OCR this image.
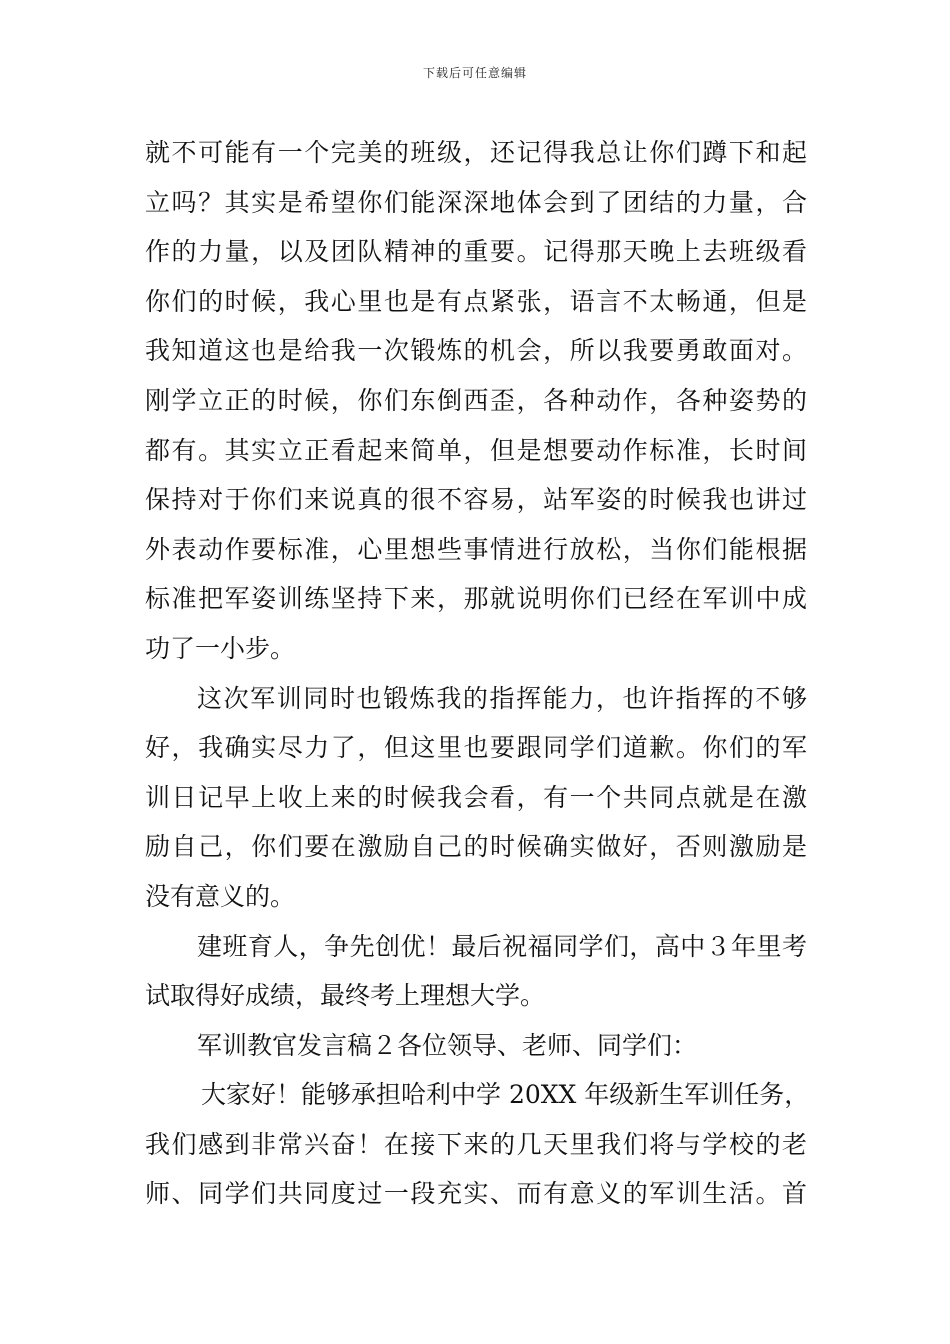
下载后可任意编辑
就不可能有一个完美的班级，还记得我总让你们蹲下和起
立吗？其实是希望你们能深深地体会到了团结的力量，合
作的力量，以及团队精神的重要。记得那天晚上去班级看
你们的时候，我心里也是有点紧张，语言不太畅通，但是
我知道这也是给我一次锻炼的机会，所以我要勇敢面对。
刚学立正的时候，你们东倒西歪，各种动作，各种姿势的
都有。其实立正看起来简单，但是想要动作标准，长时间
保持对于你们来说真的很不容易，站军姿的时候我也讲过
外表动作要标准，心里想些事情进行放松，当你们能根据
标准把军姿训练坚持下来，那就说明你们已经在军训中成
功了一小步。
这次军训同时也锻炼我的指挥能力，也许指挥的不够
好，我确实尽力了，但这里也要跟同学们道歉。你们的军
训日记早上收上来的时候我会看，有一个共同点就是在激
励自己，你们要在激励自己的时候确实做好，否则激励是
没有意义的。
建班育人，争先创优！最后祝福同学们，高中３年里考
试取得好成绩，最终考上理想大学。
军训教官发言稿２各位领导、老师、同学们：
大家好！能够承担哈利中学 20XX 年级新生军训任务，
我们感到非常兴奋！在接下来的几天里我们将与学校的老
师、同学们共同度过一段充实、而有意义的军训生活。首
